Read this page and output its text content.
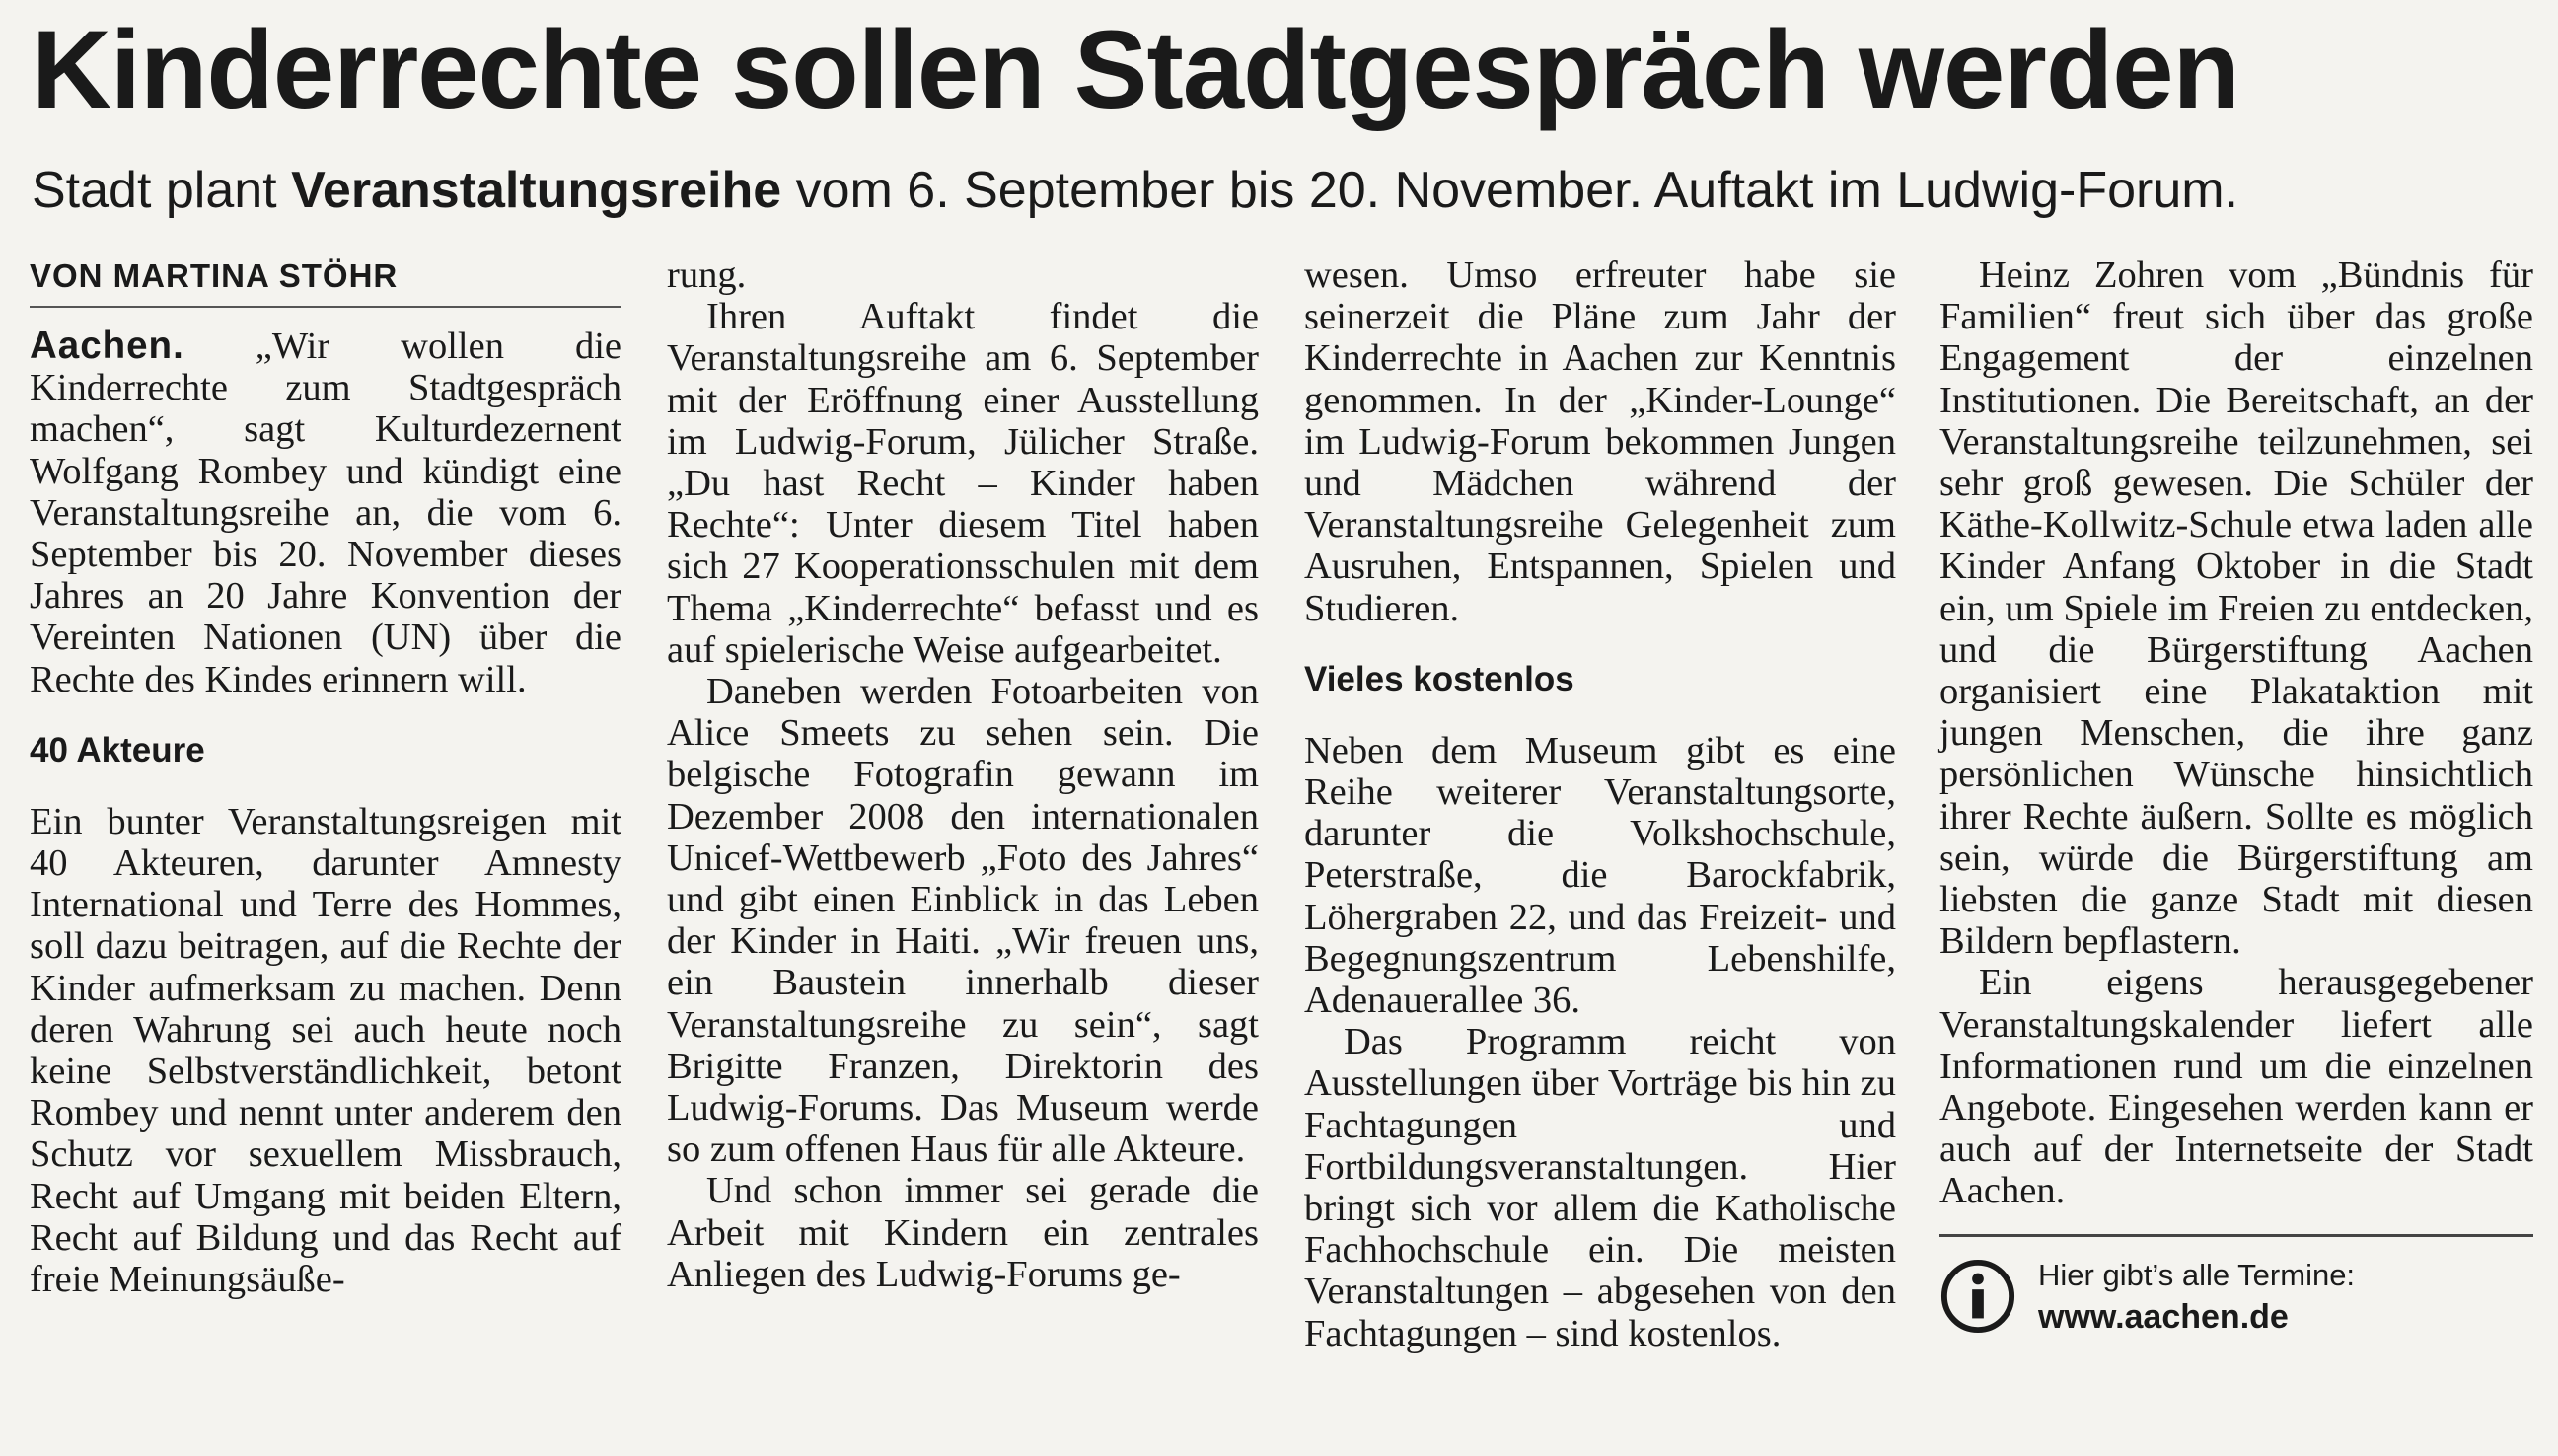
Kinderrechte sollen Stadtgespräch werden
Stadt plant Veranstaltungsreihe vom 6. September bis 20. November. Auftakt im Ludwig-Forum.
VON MARTINA STÖHR

Aachen. „Wir wollen die Kinderrechte zum Stadtgespräch machen“, sagt Kulturdezernent Wolfgang Rombey und kündigt eine Veranstaltungsreihe an, die vom 6. September bis 20. November dieses Jahres an 20 Jahre Konvention der Vereinten Nationen (UN) über die Rechte des Kindes erinnern will.

40 Akteure

Ein bunter Veranstaltungsreigen mit 40 Akteuren, darunter Amnesty International und Terre des Hommes, soll dazu beitragen, auf die Rechte der Kinder aufmerksam zu machen. Denn deren Wahrung sei auch heute noch keine Selbstverständlichkeit, betont Rombey und nennt unter anderem den Schutz vor sexuellem Missbrauch, Recht auf Umgang mit beiden Eltern, Recht auf Bildung und das Recht auf freie Meinungsäuße-

rung.

Ihren Auftakt findet die Veranstaltungsreihe am 6. September mit der Eröffnung einer Ausstellung im Ludwig-Forum, Jülicher Straße. „Du hast Recht – Kinder haben Rechte“: Unter diesem Titel haben sich 27 Kooperationsschulen mit dem Thema „Kinderrechte“ befasst und es auf spielerische Weise aufgearbeitet.

Daneben werden Fotoarbeiten von Alice Smeets zu sehen sein. Die belgische Fotografin gewann im Dezember 2008 den internationalen Unicef-Wettbewerb „Foto des Jahres“ und gibt einen Einblick in das Leben der Kinder in Haiti. „Wir freuen uns, ein Baustein innerhalb dieser Veranstaltungsreihe zu sein“, sagt Brigitte Franzen, Direktorin des Ludwig-Forums. Das Museum werde so zum offenen Haus für alle Akteure.

Und schon immer sei gerade die Arbeit mit Kindern ein zentrales Anliegen des Ludwig-Forums ge-

wesen. Umso erfreuter habe sie seinerzeit die Pläne zum Jahr der Kinderrechte in Aachen zur Kenntnis genommen. In der „Kinder-Lounge“ im Ludwig-Forum bekommen Jungen und Mädchen während der Veranstaltungsreihe Gelegenheit zum Ausruhen, Entspannen, Spielen und Studieren.

Vieles kostenlos

Neben dem Museum gibt es eine Reihe weiterer Veranstaltungsorte, darunter die Volkshochschule, Peterstraße, die Barockfabrik, Löhergraben 22, und das Freizeit- und Begegnungszentrum Lebenshilfe, Adenauerallee 36.

Das Programm reicht von Ausstellungen über Vorträge bis hin zu Fachtagungen und Fortbildungsveranstaltungen. Hier bringt sich vor allem die Katholische Fachhochschule ein. Die meisten Veranstaltungen – abgesehen von den Fachtagungen – sind kostenlos.

Heinz Zohren vom „Bündnis für Familien“ freut sich über das große Engagement der einzelnen Institutionen. Die Bereitschaft, an der Veranstaltungsreihe teilzunehmen, sei sehr groß gewesen. Die Schüler der Käthe-Kollwitz-Schule etwa laden alle Kinder Anfang Oktober in die Stadt ein, um Spiele im Freien zu entdecken, und die Bürgerstiftung Aachen organisiert eine Plakataktion mit jungen Menschen, die ihre ganz persönlichen Wünsche hinsichtlich ihrer Rechte äußern. Sollte es möglich sein, würde die Bürgerstiftung am liebsten die ganze Stadt mit diesen Bildern bepflastern.

Ein eigens herausgegebener Veranstaltungskalender liefert alle Informationen rund um die einzelnen Angebote. Eingesehen werden kann er auch auf der Internetseite der Stadt Aachen.

Hier gibt’s alle Termine:
www.aachen.de
